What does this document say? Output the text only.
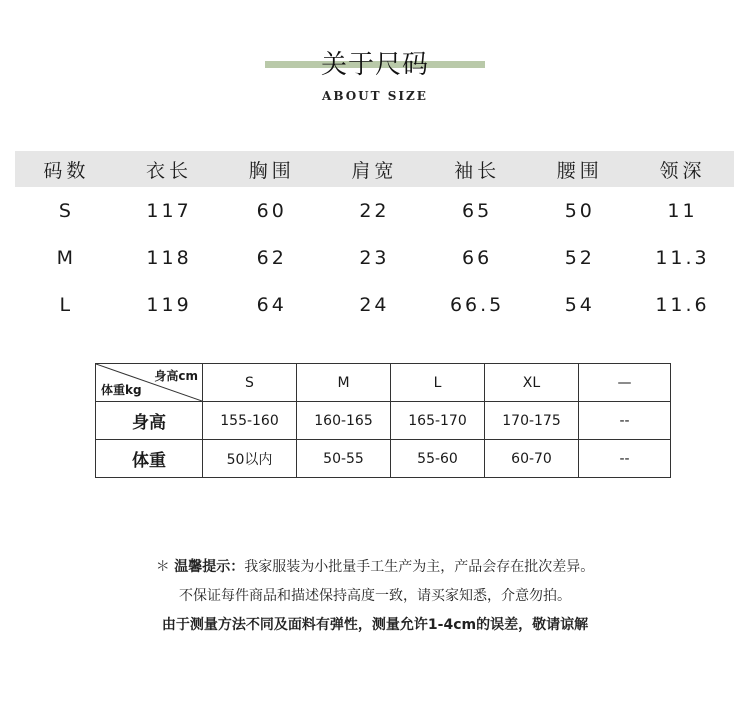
关于尺码
ABOUT SIZE
码数	衣长	胸围	肩宽	袖长	腰围	领深
S	117	60	22	65	50	11
M	118	62	23	66	52	11.3
L	119	64	24	66.5	54	11.6
身高cm
体重kg	S	M	L	XL	—
身高	155-160	160-165	165-170	170-175	--
体重	50以内	50-55	55-60	60-70	--
＊ 温馨提示：我家服装为小批量手工生产为主，产品会存在批次差异。
不保证每件商品和描述保持高度一致，请买家知悉，介意勿拍。
由于测量方法不同及面料有弹性，测量允许1-4cm的误差，敬请谅解
